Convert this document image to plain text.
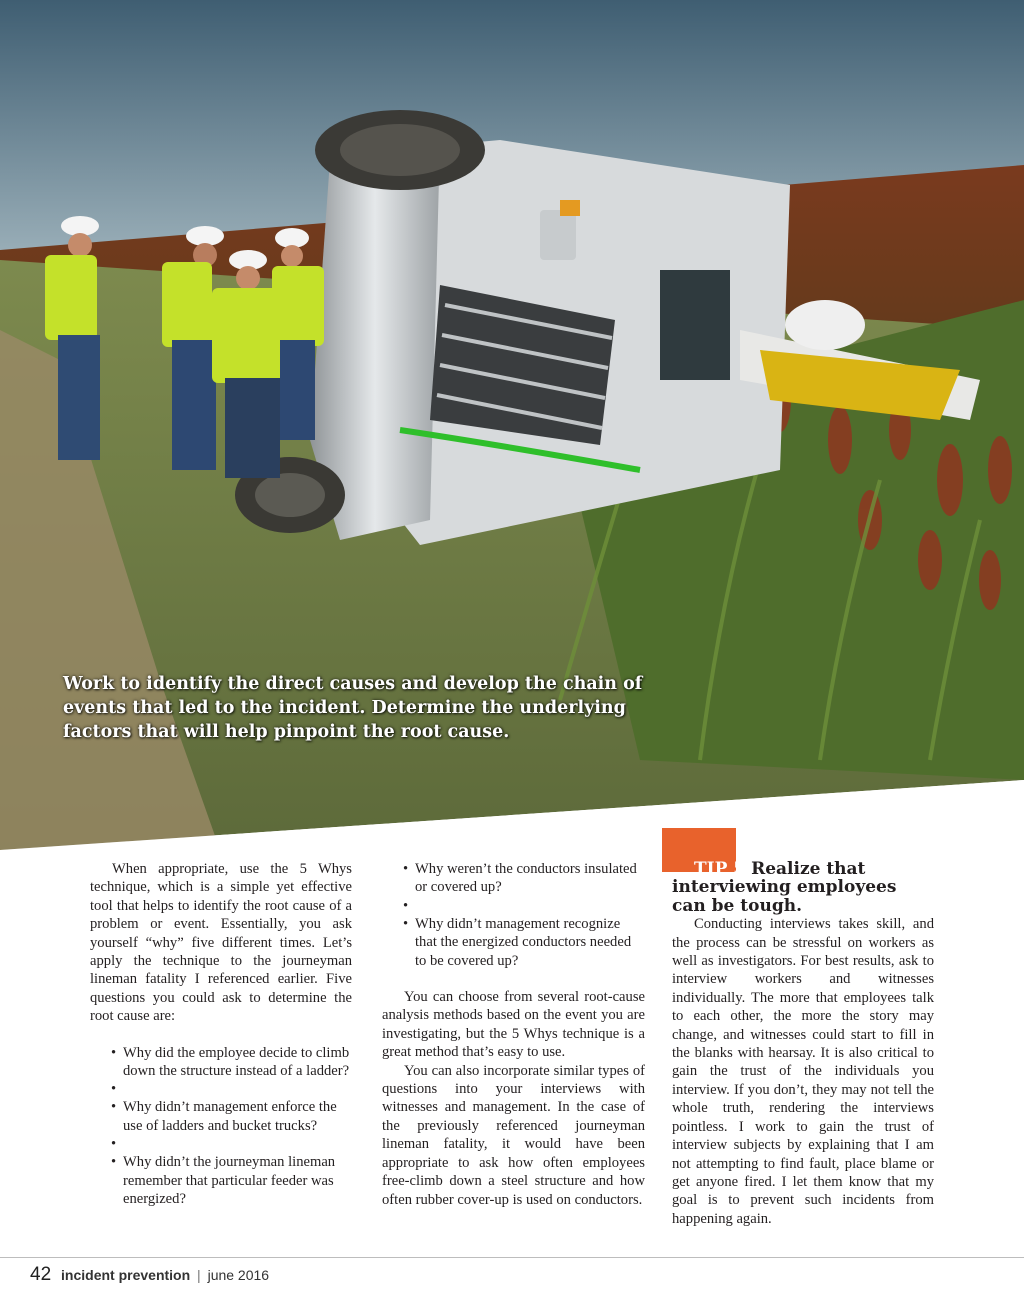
Work to identify the direct causes and develop the chain of events that led to the incident. Determine the underlying factors that will help pinpoint the root cause.

When appropriate, use the 5 Whys technique, which is a simple yet effective tool that helps to identify the root cause of a problem or event. Essentially, you ask yourself “why” five different times. Let’s apply the technique to the journeyman lineman fatality I referenced earlier. Five questions you could ask to determine the root cause are:

• Why did the employee decide to climb down the structure instead of a ladder?
•
• Why didn’t management enforce the use of ladders and bucket trucks?
•
• Why didn’t the journeyman lineman remember that particular feeder was energized?
• Why weren’t the conductors insulated or covered up?
•
• Why didn’t management recognize that the energized conductors needed to be covered up?

You can choose from several root-cause analysis methods based on the event you are investigating, but the 5 Whys technique is a great method that’s easy to use.

You can also incorporate similar types of questions into your interviews with witnesses and management. In the case of the previously referenced journeyman lineman fatality, it would have been appropriate to ask how often employees free-climb down a steel structure and how often rubber cover-up is used on conductors.

TIP 5 Realize that interviewing employees can be tough.

Conducting interviews takes skill, and the process can be stressful on workers as well as investigators. For best results, ask to interview workers and witnesses individually. The more that employees talk to each other, the more the story may change, and witnesses could start to fill in the blanks with hearsay. It is also critical to gain the trust of the individuals you interview. If you don’t, they may not tell the whole truth, rendering the interviews pointless. I work to gain the trust of interview subjects by explaining that I am not attempting to find fault, place blame or get anyone fired. I let them know that my goal is to prevent such incidents from happening again.

42 incident prevention | june 2016
